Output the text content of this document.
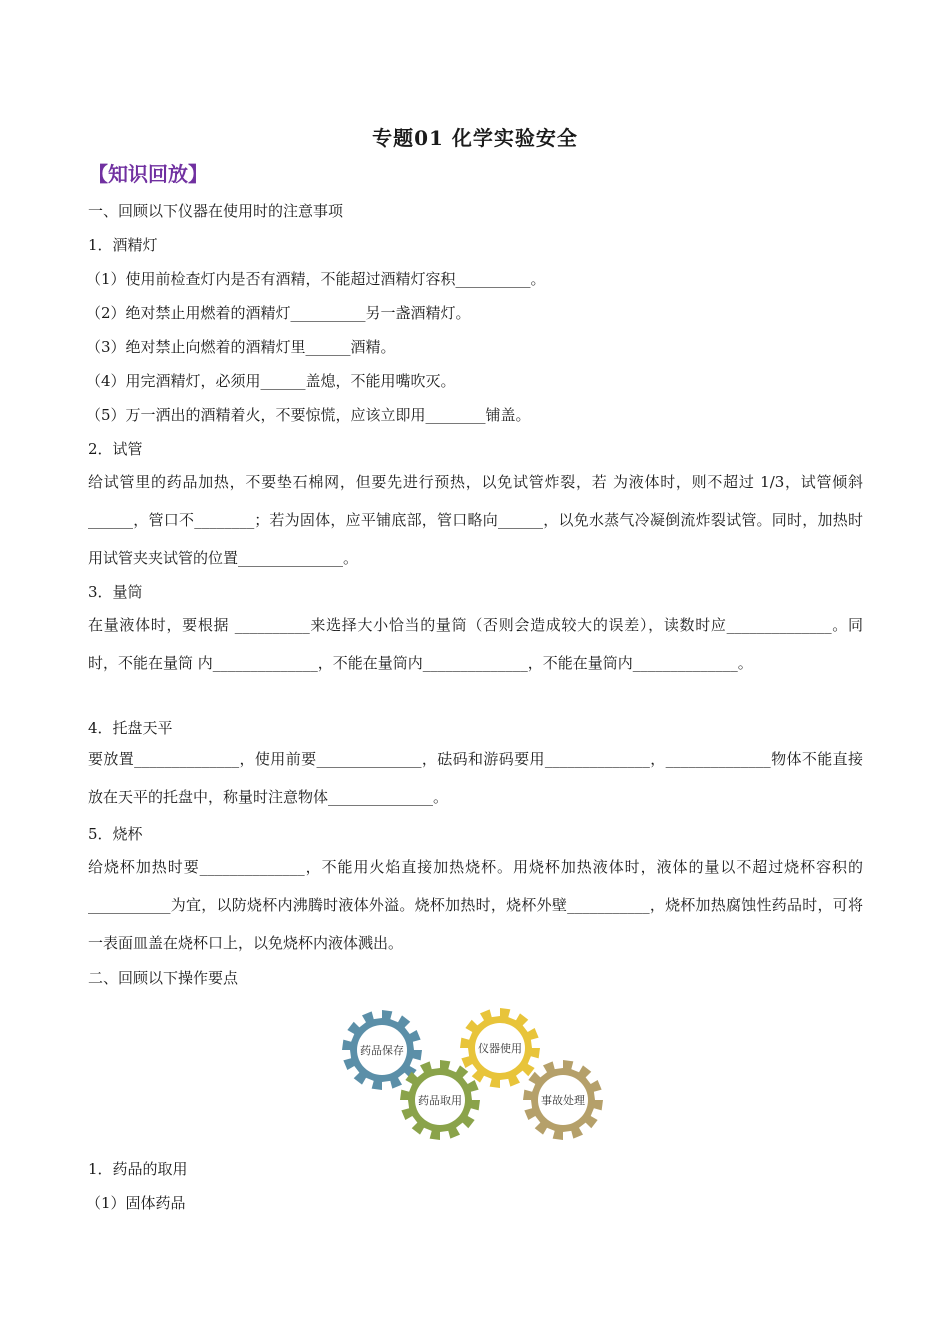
专题01 化学实验安全
【知识回放】
一、回顾以下仪器在使用时的注意事项
1．酒精灯
（1）使用前检查灯内是否有酒精，不能超过酒精灯容积__________。
（2）绝对禁止用燃着的酒精灯__________另一盏酒精灯。
（3）绝对禁止向燃着的酒精灯里______酒精。
（4）用完酒精灯，必须用______盖熄，不能用嘴吹灭。
（5）万一洒出的酒精着火，不要惊慌，应该立即用________铺盖。
2．试管
给试管里的药品加热，不要垫石棉网，但要先进行预热，以免试管炸裂，若 为液体时，则不超过 1/3，试管倾斜______，管口不________；若为固体，应平铺底部，管口略向______，以免水蒸气冷凝倒流炸裂试管。同时，加热时用试管夹夹试管的位置______________。
3．量筒
在量液体时，要根据 __________来选择大小恰当的量筒（否则会造成较大的误差），读数时应______________。同时，不能在量筒 内______________，不能在量筒内______________，不能在量筒内______________。
4．托盘天平
要放置______________，使用前要______________，砝码和游码要用______________，______________物体不能直接放在天平的托盘中，称量时注意物体______________。
5．烧杯
给烧杯加热时要______________，不能用火焰直接加热烧杯。用烧杯加热液体时，液体的量以不超过烧杯容积的___________为宜，以防烧杯内沸腾时液体外溢。烧杯加热时，烧杯外壁___________，烧杯加热腐蚀性药品时，可将一表面皿盖在烧杯口上，以免烧杯内液体溅出。
二、回顾以下操作要点
药品保存	仪器使用
事故处理
药品取用
1．药品的取用
（1）固体药品
